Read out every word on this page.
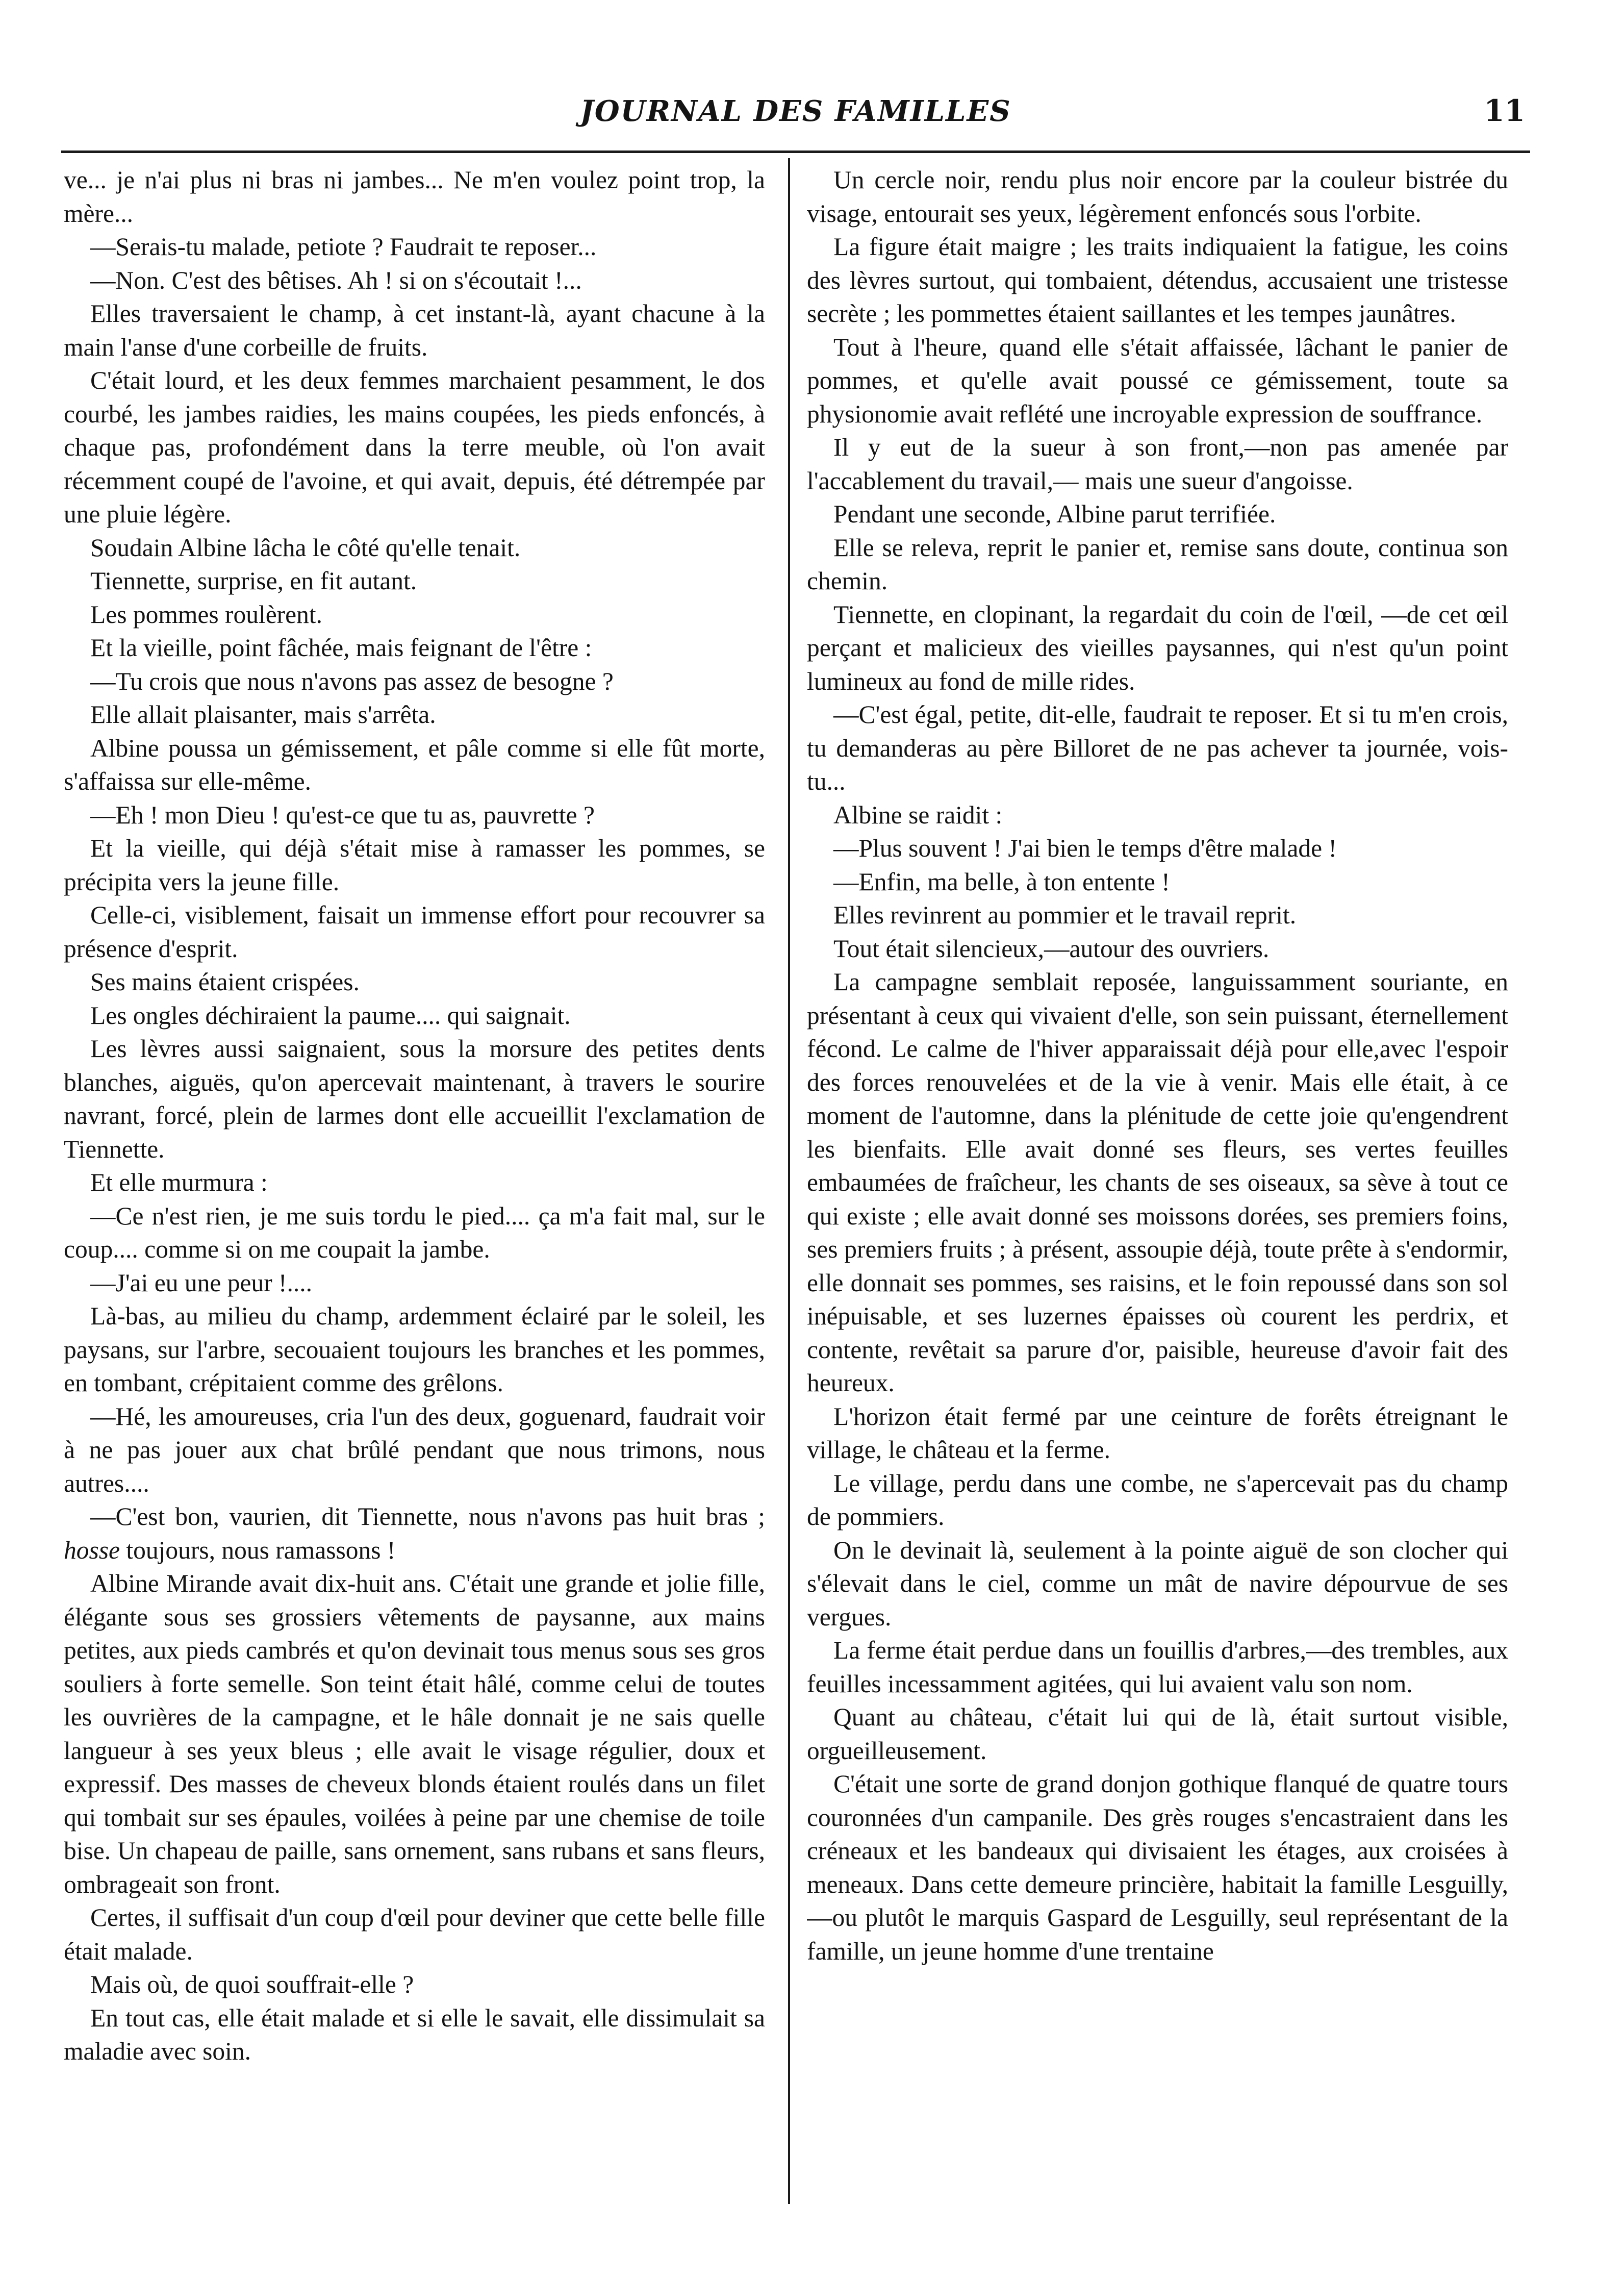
JOURNAL DES FAMILLES	11

ve... je n'ai plus ni bras ni jambes... Ne m'en voulez point trop, la mère...

—Serais-tu malade, petiote ? Faudrait te reposer...

—Non. C'est des bêtises. Ah ! si on s'écoutait !...

Elles traversaient le champ, à cet instant-là, ayant chacune à la main l'anse d'une corbeille de fruits.

C'était lourd, et les deux femmes marchaient pesamment, le dos courbé, les jambes raidies, les mains coupées, les pieds enfoncés, à chaque pas, profondément dans la terre meuble, où l'on avait récemment coupé de l'avoine, et qui avait, depuis, été détrempée par une pluie légère.

Soudain Albine lâcha le côté qu'elle tenait.

Tiennette, surprise, en fit autant.

Les pommes roulèrent.

Et la vieille, point fâchée, mais feignant de l'être :

—Tu crois que nous n'avons pas assez de besogne ?

Elle allait plaisanter, mais s'arrêta.

Albine poussa un gémissement, et pâle comme si elle fût morte, s'affaissa sur elle-même.

—Eh ! mon Dieu ! qu'est-ce que tu as, pauvrette ?

Et la vieille, qui déjà s'était mise à ramasser les pommes, se précipita vers la jeune fille.

Celle-ci, visiblement, faisait un immense effort pour recouvrer sa présence d'esprit.

Ses mains étaient crispées.

Les ongles déchiraient la paume.... qui saignait.

Les lèvres aussi saignaient, sous la morsure des petites dents blanches, aiguës, qu'on apercevait maintenant, à travers le sourire navrant, forcé, plein de larmes dont elle accueillit l'exclamation de Tiennette.

Et elle murmura :

—Ce n'est rien, je me suis tordu le pied.... ça m'a fait mal, sur le coup.... comme si on me coupait la jambe.

—J'ai eu une peur !....

Là-bas, au milieu du champ, ardemment éclairé par le soleil, les paysans, sur l'arbre, secouaient toujours les branches et les pommes, en tombant, crépitaient comme des grêlons.

—Hé, les amoureuses, cria l'un des deux, goguenard, faudrait voir à ne pas jouer aux chat brûlé pendant que nous trimons, nous autres....

—C'est bon, vaurien, dit Tiennette, nous n'avons pas huit bras ; hosse toujours, nous ramassons !

Albine Mirande avait dix-huit ans. C'était une grande et jolie fille, élégante sous ses grossiers vêtements de paysanne, aux mains petites, aux pieds cambrés et qu'on devinait tous menus sous ses gros souliers à forte semelle. Son teint était hâlé, comme celui de toutes les ouvrières de la campagne, et le hâle donnait je ne sais quelle langueur à ses yeux bleus ; elle avait le visage régulier, doux et expressif. Des masses de cheveux blonds étaient roulés dans un filet qui tombait sur ses épaules, voilées à peine par une chemise de toile bise. Un chapeau de paille, sans ornement, sans rubans et sans fleurs, ombrageait son front.

Certes, il suffisait d'un coup d'œil pour deviner que cette belle fille était malade.

Mais où, de quoi souffrait-elle ?

En tout cas, elle était malade et si elle le savait, elle dissimulait sa maladie avec soin.

Un cercle noir, rendu plus noir encore par la couleur bistrée du visage, entourait ses yeux, légèrement enfoncés sous l'orbite.

La figure était maigre ; les traits indiquaient la fatigue, les coins des lèvres surtout, qui tombaient, détendus, accusaient une tristesse secrète ; les pommettes étaient saillantes et les tempes jaunâtres.

Tout à l'heure, quand elle s'était affaissée, lâchant le panier de pommes, et qu'elle avait poussé ce gémissement, toute sa physionomie avait reflété une incroyable expression de souffrance.

Il y eut de la sueur à son front,—non pas amenée par l'accablement du travail,— mais une sueur d'angoisse.

Pendant une seconde, Albine parut terrifiée.

Elle se releva, reprit le panier et, remise sans doute, continua son chemin.

Tiennette, en clopinant, la regardait du coin de l'œil, —de cet œil perçant et malicieux des vieilles paysannes, qui n'est qu'un point lumineux au fond de mille rides.

—C'est égal, petite, dit-elle, faudrait te reposer. Et si tu m'en crois, tu demanderas au père Billoret de ne pas achever ta journée, vois-tu...

Albine se raidit :

—Plus souvent ! J'ai bien le temps d'être malade !

—Enfin, ma belle, à ton entente !

Elles revinrent au pommier et le travail reprit.

Tout était silencieux,—autour des ouvriers.

La campagne semblait reposée, languissamment souriante, en présentant à ceux qui vivaient d'elle, son sein puissant, éternellement fécond. Le calme de l'hiver apparaissait déjà pour elle,avec l'espoir des forces renouvelées et de la vie à venir. Mais elle était, à ce moment de l'automne, dans la plénitude de cette joie qu'engendrent les bienfaits. Elle avait donné ses fleurs, ses vertes feuilles embaumées de fraîcheur, les chants de ses oiseaux, sa sève à tout ce qui existe ; elle avait donné ses moissons dorées, ses premiers foins, ses premiers fruits ; à présent, assoupie déjà, toute prête à s'endormir, elle donnait ses pommes, ses raisins, et le foin repoussé dans son sol inépuisable, et ses luzernes épaisses où courent les perdrix, et contente, revêtait sa parure d'or, paisible, heureuse d'avoir fait des heureux.

L'horizon était fermé par une ceinture de forêts étreignant le village, le château et la ferme.

Le village, perdu dans une combe, ne s'apercevait pas du champ de pommiers.

On le devinait là, seulement à la pointe aiguë de son clocher qui s'élevait dans le ciel, comme un mât de navire dépourvue de ses vergues.

La ferme était perdue dans un fouillis d'arbres,—des trembles, aux feuilles incessamment agitées, qui lui avaient valu son nom.

Quant au château, c'était lui qui de là, était surtout visible, orgueilleusement.

C'était une sorte de grand donjon gothique flanqué de quatre tours couronnées d'un campanile. Des grès rouges s'encastraient dans les créneaux et les bandeaux qui divisaient les étages, aux croisées à meneaux. Dans cette demeure princière, habitait la famille Lesguilly,—ou plutôt le marquis Gaspard de Lesguilly, seul représentant de la famille, un jeune homme d'une trentaine
